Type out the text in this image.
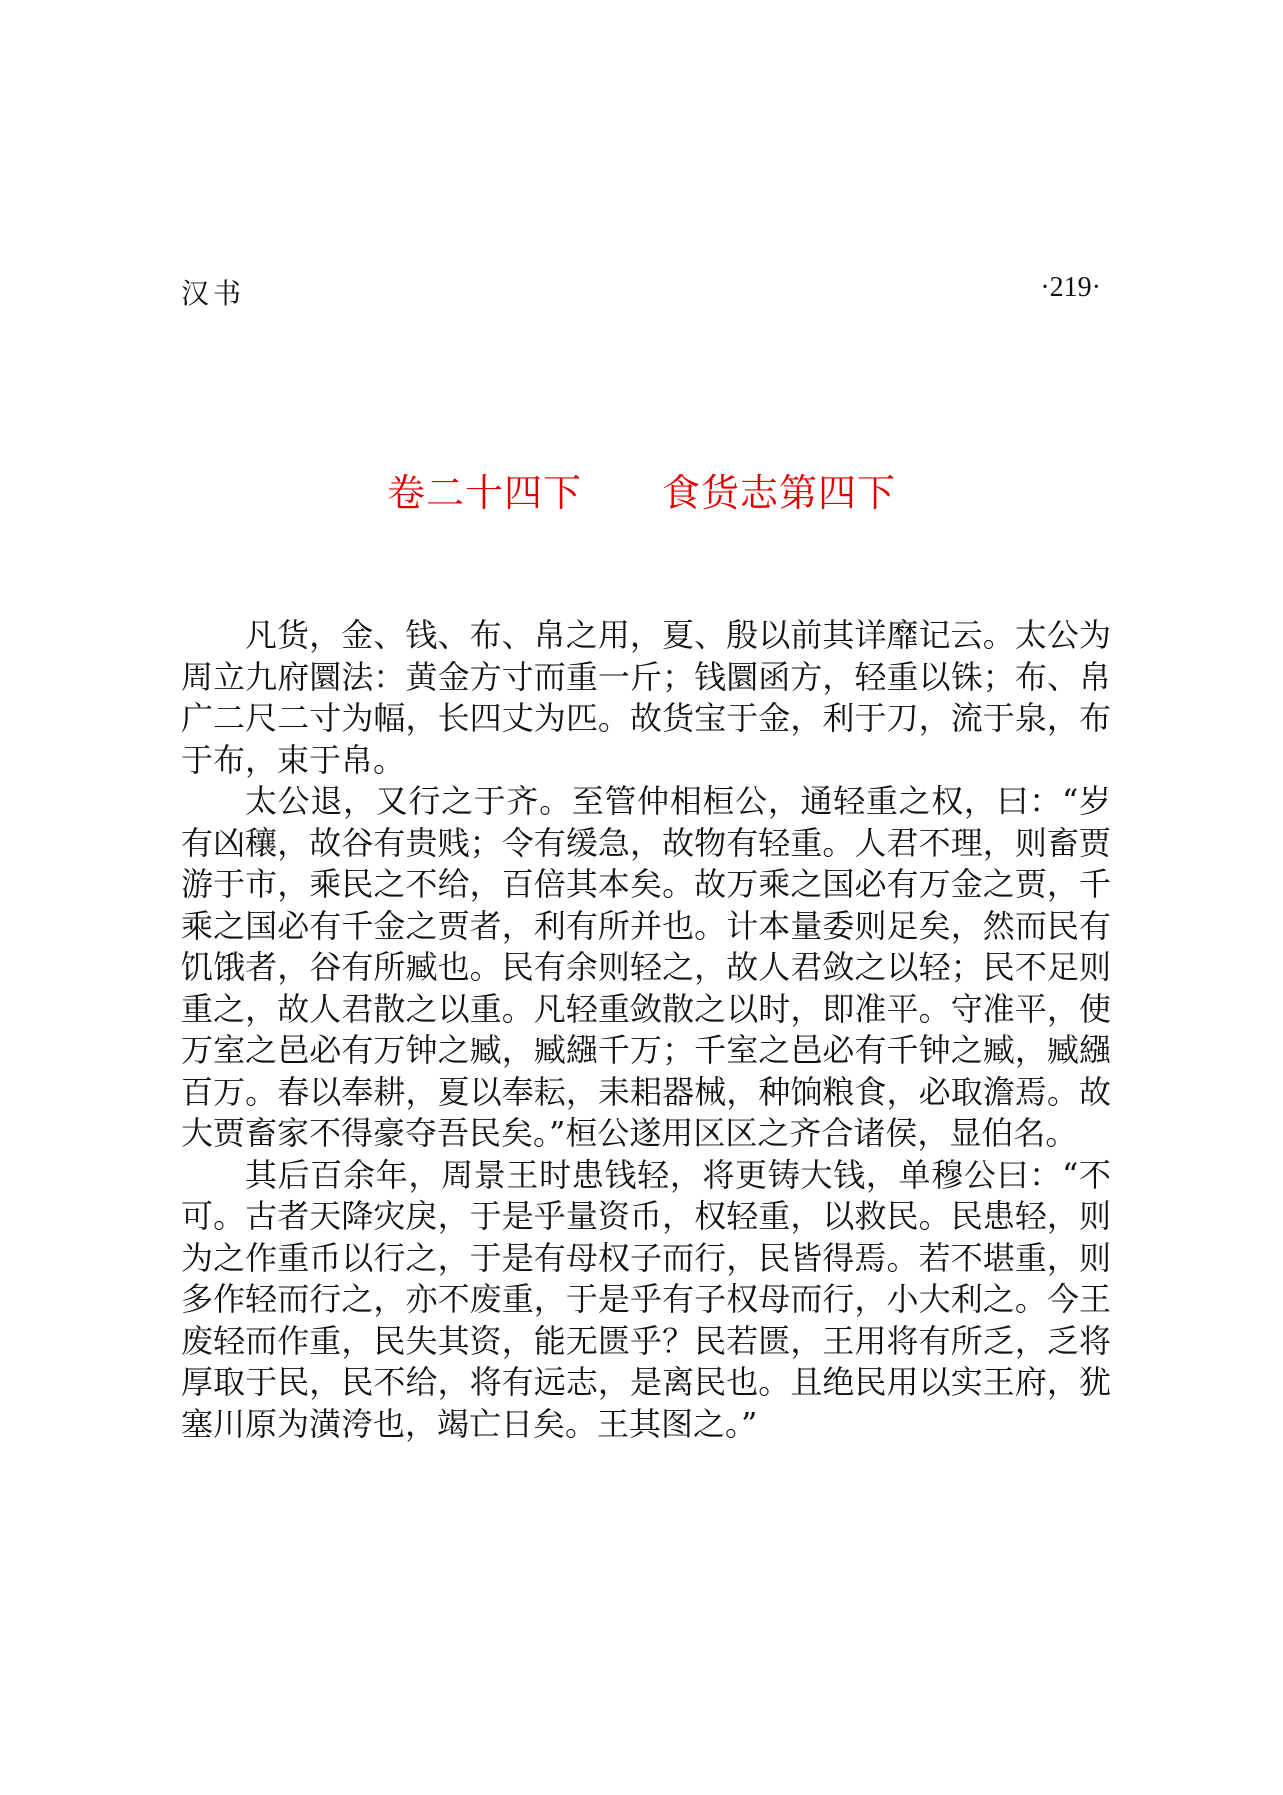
汉书	·219·
卷二十四下 食货志第四下

凡货，金、钱、布、帛之用，夏、殷以前其详靡记云。太公为周立九府圜法：黄金方寸而重一斤；钱圜函方，轻重以铢；布、帛广二尺二寸为幅，长四丈为匹。故货宝于金，利于刀，流于泉，布于布，束于帛。

太公退，又行之于齐。至管仲相桓公，通轻重之权，曰：“岁有凶穰，故谷有贵贱；令有缓急，故物有轻重。人君不理，则畜贾游于市，乘民之不给，百倍其本矣。故万乘之国必有万金之贾，千乘之国必有千金之贾者，利有所并也。计本量委则足矣，然而民有饥饿者，谷有所臧也。民有余则轻之，故人君敛之以轻；民不足则重之，故人君散之以重。凡轻重敛散之以时，即准平。守准平，使万室之邑必有万钟之臧，臧繦千万；千室之邑必有千钟之臧，臧繦百万。春以奉耕，夏以奉耘，耒耜器械，种饷粮食，必取澹焉。故大贾畜家不得豪夺吾民矣。”桓公遂用区区之齐合诸侯，显伯名。

其后百余年，周景王时患钱轻，将更铸大钱，单穆公曰：“不可。古者天降灾戾，于是乎量资币，权轻重，以救民。民患轻，则为之作重币以行之，于是有母权子而行，民皆得焉。若不堪重，则多作轻而行之，亦不废重，于是乎有子权母而行，小大利之。今王废轻而作重，民失其资，能无匮乎？民若匮，王用将有所乏，乏将厚取于民，民不给，将有远志，是离民也。且绝民用以实王府，犹塞川原为潢洿也，竭亡日矣。王其图之。”
